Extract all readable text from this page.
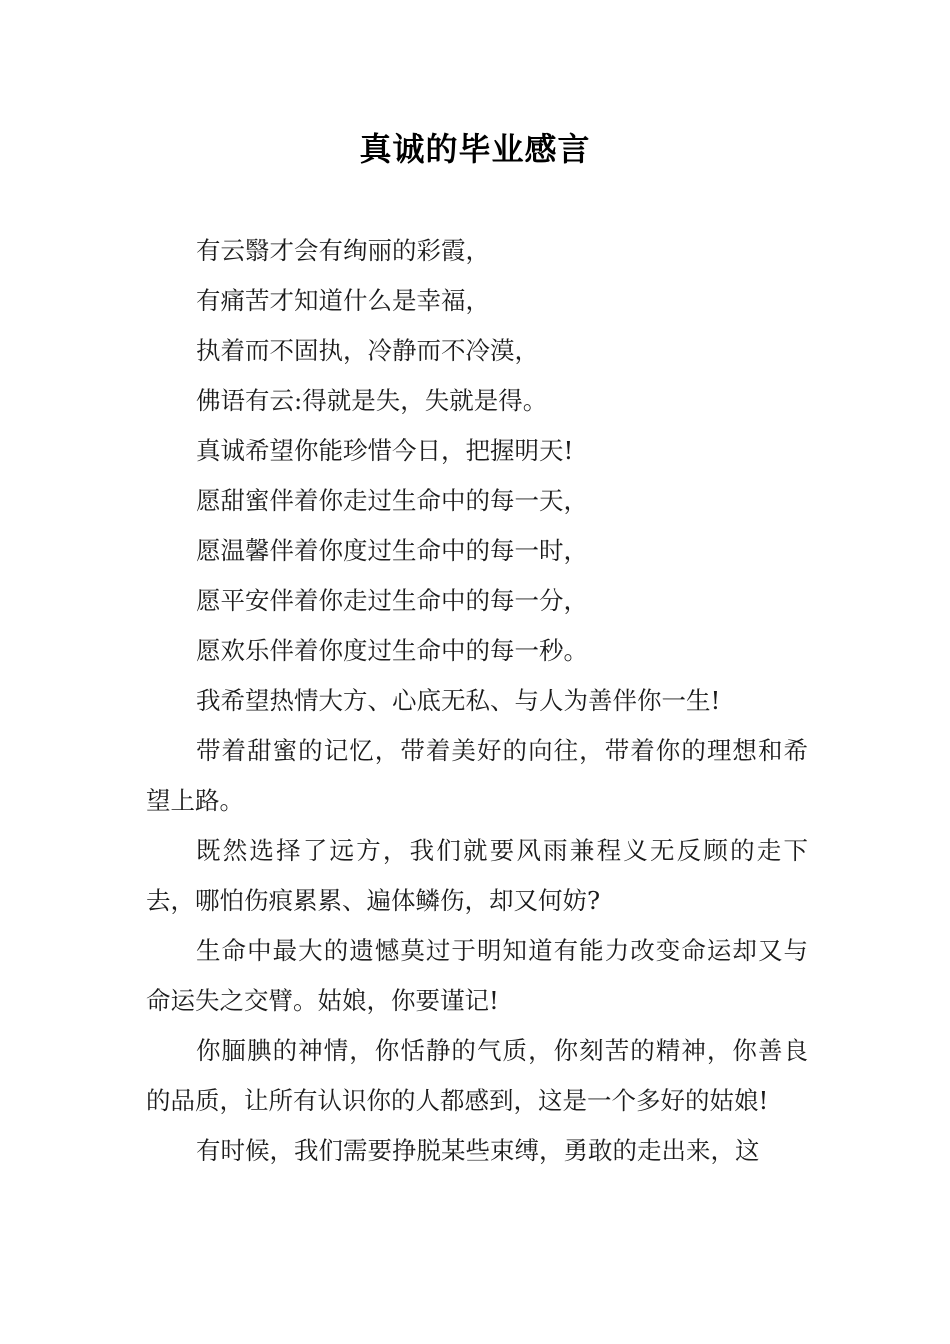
真诚的毕业感言

有云翳才会有绚丽的彩霞，

有痛苦才知道什么是幸福，

执着而不固执，冷静而不冷漠，

佛语有云:得就是失，失就是得。

真诚希望你能珍惜今日，把握明天!

愿甜蜜伴着你走过生命中的每一天，

愿温馨伴着你度过生命中的每一时，

愿平安伴着你走过生命中的每一分，

愿欢乐伴着你度过生命中的每一秒。

我希望热情大方、心底无私、与人为善伴你一生!

带着甜蜜的记忆，带着美好的向往，带着你的理想和希望上路。

既然选择了远方，我们就要风雨兼程义无反顾的走下去，哪怕伤痕累累、遍体鳞伤，却又何妨?

生命中最大的遗憾莫过于明知道有能力改变命运却又与命运失之交臂。姑娘，你要谨记!

你腼腆的神情，你恬静的气质，你刻苦的精神，你善良的品质，让所有认识你的人都感到，这是一个多好的姑娘!

有时候，我们需要挣脱某些束缚，勇敢的走出来，这
